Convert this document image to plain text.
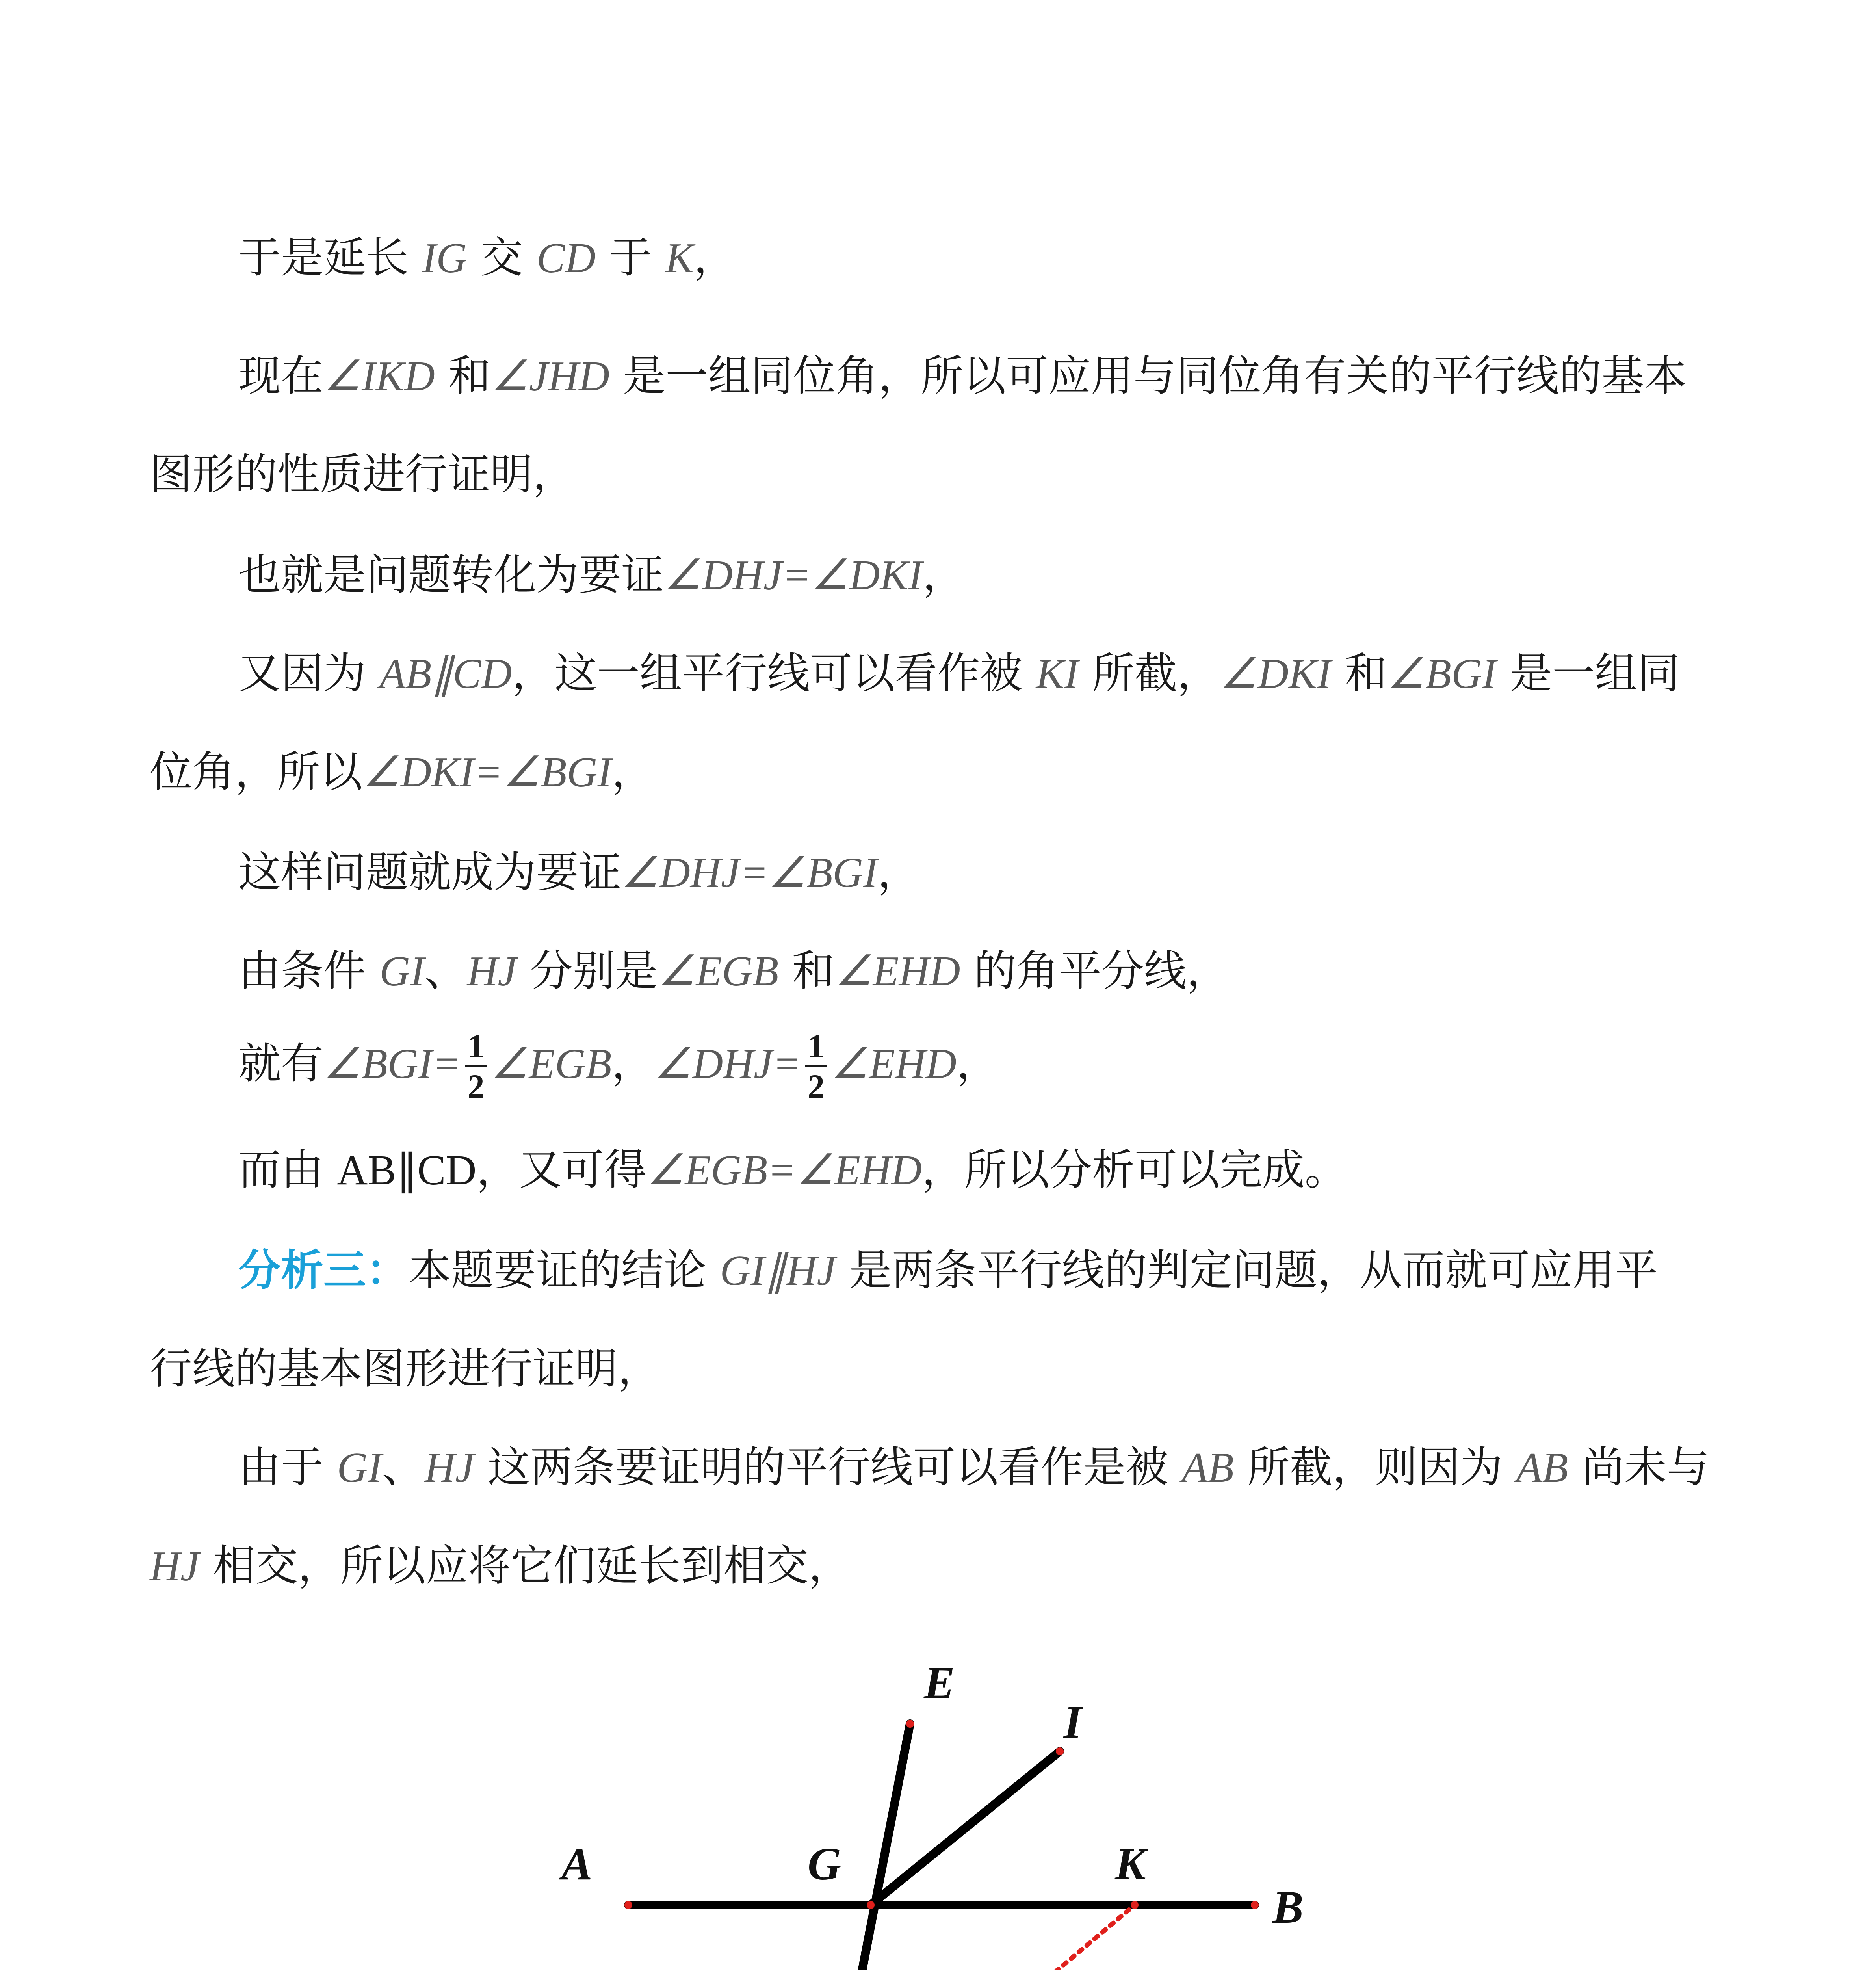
于是延长 IG 交 CD 于 K，
现在∠IKD 和∠JHD 是一组同位角，所以可应用与同位角有关的平行线的基本
图形的性质进行证明，
也就是问题转化为要证∠DHJ=∠DKI，
又因为 AB∥CD，这一组平行线可以看作被 KI 所截，∠DKI 和∠BGI 是一组同
位角，所以∠DKI=∠BGI，
这样问题就成为要证∠DHJ=∠BGI，
由条件 GI、HJ 分别是∠EGB 和∠EHD 的角平分线，
就有∠BGI= $\frac{1}{2}$ ∠EGB，∠DHJ= $\frac{1}{2}$ ∠EHD，
而由 AB∥CD，又可得∠EGB=∠EHD，所以分析可以完成。
分析三：本题要证的结论 GI∥HJ 是两条平行线的判定问题，从而就可应用平
行线的基本图形进行证明，
由于 GI、HJ 这两条要证明的平行线可以看作是被 AB 所截，则因为 AB 尚未与
HJ 相交，所以应将它们延长到相交，
A
B
E
G
I
K
